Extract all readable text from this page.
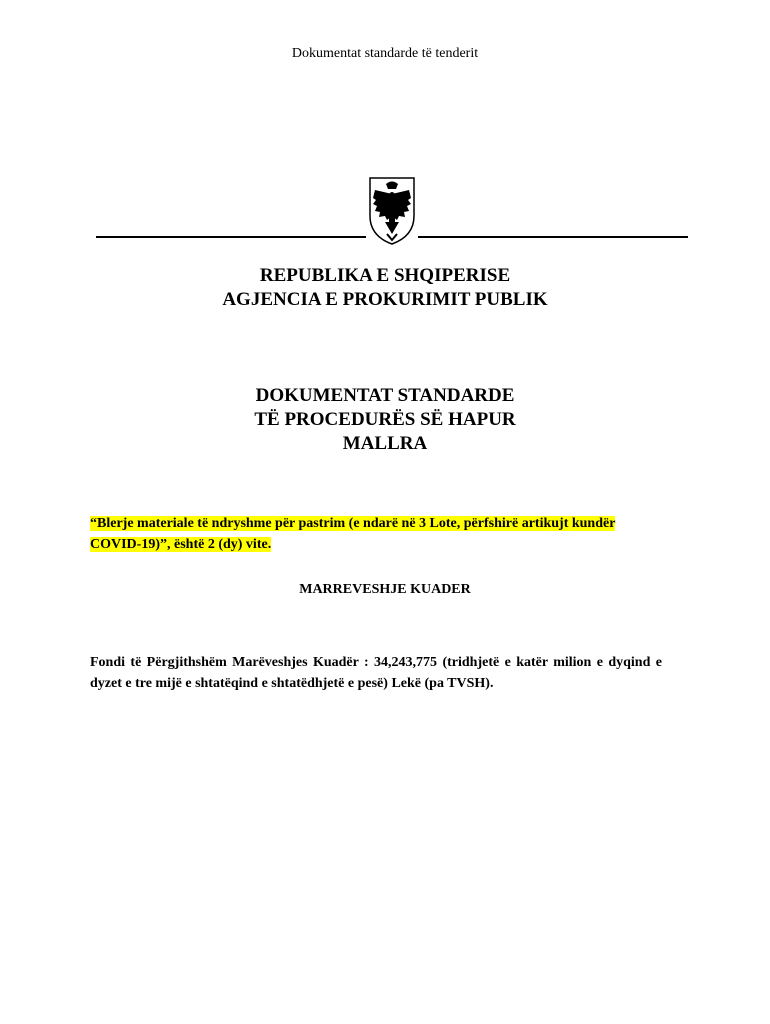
Dokumentat standarde të tenderit
REPUBLIKA E SHQIPERISE
AGJENCIA E PROKURIMIT PUBLIK
DOKUMENTAT STANDARDE
TË PROCEDURËS SË HAPUR
MALLRA
“Blerje materiale të ndryshme për pastrim (e ndarë në 3 Lote, përfshirë artikujt kundër
COVID-19)”, është 2 (dy) vite.
MARREVESHJE KUADER
Fondi të Përgjithshëm Marëveshjes Kuadër : 34,243,775 (tridhjetë e katër milion e dyqind e dyzet e tre mijë e shtatëqind e shtatëdhjetë e pesë) Lekë (pa TVSH).
